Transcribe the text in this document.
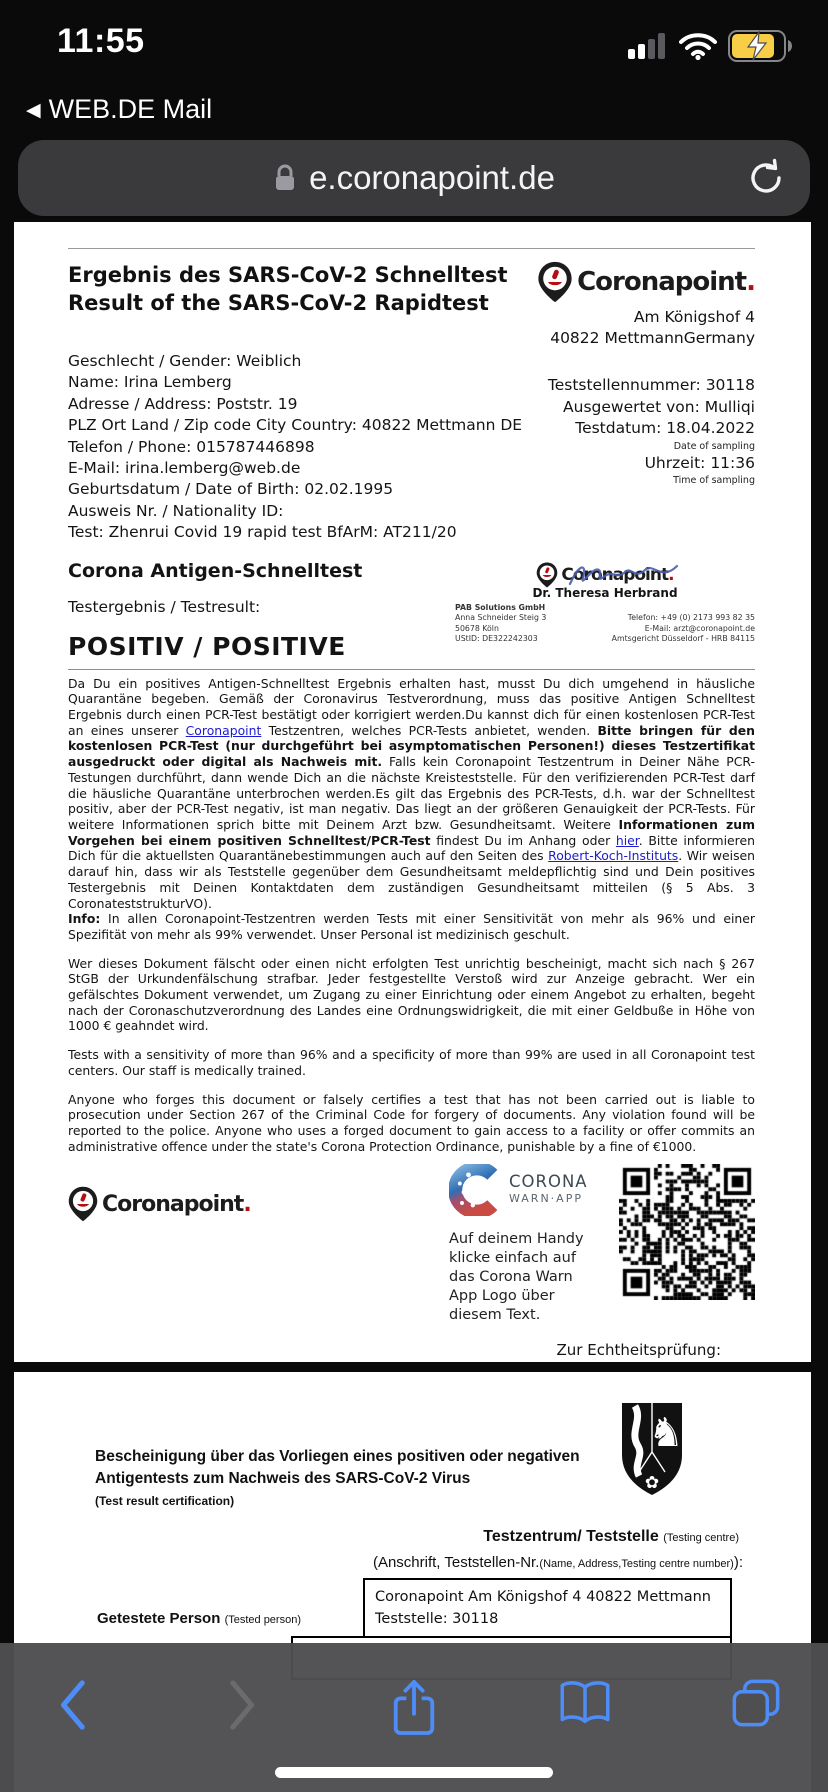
11:55
◀ WEB.DE Mail
e.coronapoint.de
Ergebnis des SARS-CoV-2 Schnelltest
Result of the SARS-CoV-2 Rapidtest
Coronapoint.
Am Königshof 4
40822 MettmannGermany
Geschlecht / Gender: Weiblich
Name: Irina Lemberg
Adresse / Address: Poststr. 19
PLZ Ort Land / Zip code City Country: 40822 Mettmann DE
Telefon / Phone: 015787446898
E-Mail: irina.lemberg@web.de
Geburtsdatum / Date of Birth: 02.02.1995
Ausweis Nr. / Nationality ID:
Test: Zhenrui Covid 19 rapid test BfArM: AT211/20
Teststellennummer: 30118
Ausgewertet von: Mulliqi
Testdatum: 18.04.2022
Date of sampling
Uhrzeit: 11:36
Time of sampling
Corona Antigen-Schnelltest
Testergebnis / Testresult:
POSITIV / POSITIVE
Coronapoint.
Dr. Theresa Herbrand
PAB Solutions GmbH
Anna Schneider Steig 3	Telefon: +49 (0) 2173 993 82 35
50678 Köln	E-Mail: arzt@coronapoint.de
UStID: DE322242303	Amtsgericht Düsseldorf - HRB 84115

Da Du ein positives Antigen-Schnelltest Ergebnis erhalten hast, musst Du dich umgehend in häusliche Quarantäne begeben. Gemäß der Coronavirus Testverordnung, muss das positive Antigen Schnelltest Ergebnis durch einen PCR-Test bestätigt oder korrigiert werden.Du kannst dich für einen kostenlosen PCR-Test an eines unserer Coronapoint Testzentren, welches PCR-Tests anbietet, wenden. Bitte bringen für den kostenlosen PCR-Test (nur durchgeführt bei asymptomatischen Personen!) dieses Testzertifikat ausgedruckt oder digital als Nachweis mit. Falls kein Coronapoint Testzentrum in Deiner Nähe PCR-Testungen durchführt, dann wende Dich an die nächste Kreisteststelle. Für den verifizierenden PCR-Test darf die häusliche Quarantäne unterbrochen werden.Es gilt das Ergebnis des PCR-Tests, d.h. war der Schnelltest positiv, aber der PCR-Test negativ, ist man negativ. Das liegt an der größeren Genauigkeit der PCR-Tests. Für weitere Informationen sprich bitte mit Deinem Arzt bzw. Gesundheitsamt. Weitere Informationen zum Vorgehen bei einem positiven Schnelltest/PCR-Test findest Du im Anhang oder hier. Bitte informieren Dich für die aktuellsten Quarantänebestimmungen auch auf den Seiten des Robert-Koch-Instituts. Wir weisen darauf hin, dass wir als Teststelle gegenüber dem Gesundheitsamt meldepflichtig sind und Dein positives Testergebnis mit Deinen Kontaktdaten dem zuständigen Gesundheitsamt mitteilen (§ 5 Abs. 3 CoronateststrukturVO).

Info: In allen Coronapoint-Testzentren werden Tests mit einer Sensitivität von mehr als 96% und einer Spezifität von mehr als 99% verwendet. Unser Personal ist medizinisch geschult.

Wer dieses Dokument fälscht oder einen nicht erfolgten Test unrichtig bescheinigt, macht sich nach § 267 StGB der Urkundenfälschung strafbar. Jeder festgestellte Verstoß wird zur Anzeige gebracht. Wer ein gefälschtes Dokument verwendet, um Zugang zu einer Einrichtung oder einem Angebot zu erhalten, begeht nach der Coronaschutzverordnung des Landes eine Ordnungswidrigkeit, die mit einer Geldbuße in Höhe von 1000 € geahndet wird.

Tests with a sensitivity of more than 96% and a specificity of more than 99% are used in all Coronapoint test centers. Our staff is medically trained.

Anyone who forges this document or falsely certifies a test that has not been carried out is liable to prosecution under Section 267 of the Criminal Code for forgery of documents. Any violation found will be reported to the police. Anyone who uses a forged document to gain access to a facility or offer commits an administrative offence under the state's Corona Protection Ordinance, punishable by a fine of €1000.

Coronapoint.
CORONA
WARN·APP
Auf deinem Handy klicke einfach auf das Corona Warn App Logo über diesem Text.
Zur Echtheitsprüfung:
Bescheinigung über das Vorliegen eines positiven oder negativen
Antigentests zum Nachweis des SARS-CoV-2 Virus
(Test result certification)
♞
✿
Testzentrum/ Teststelle (Testing centre)
(Anschrift, Teststellen-Nr.(Name, Address,Testing centre number)):
Coronapoint Am Königshof 4 40822 Mettmann
Teststelle: 30118
Getestete Person (Tested person)
